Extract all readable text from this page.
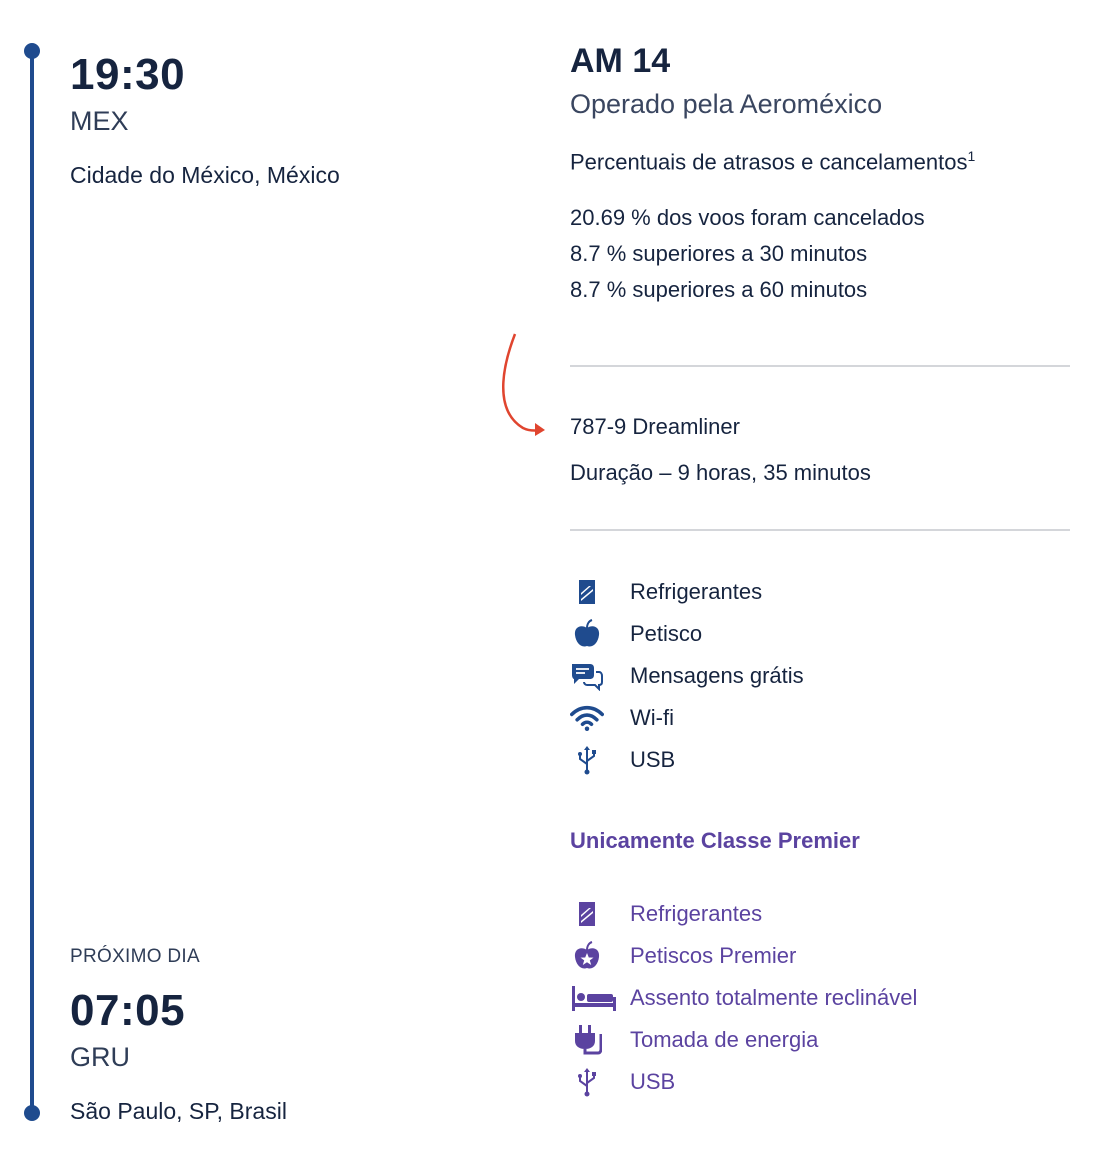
19:30
MEX
Cidade do México, México
PRÓXIMO DIA
07:05
GRU
São Paulo, SP, Brasil
AM 14
Operado pela Aeroméxico
Percentuais de atrasos e cancelamentos$^1$
20.69 % dos voos foram cancelados
8.7 % superiores a 30 minutos
8.7 % superiores a 60 minutos
787-9 Dreamliner
Duração – 9 horas, 35 minutos
Refrigerantes
Petisco
Mensagens grátis
Wi-fi
USB
Unicamente Classe Premier
Refrigerantes
Petiscos Premier
Assento totalmente reclinável
Tomada de energia
USB
